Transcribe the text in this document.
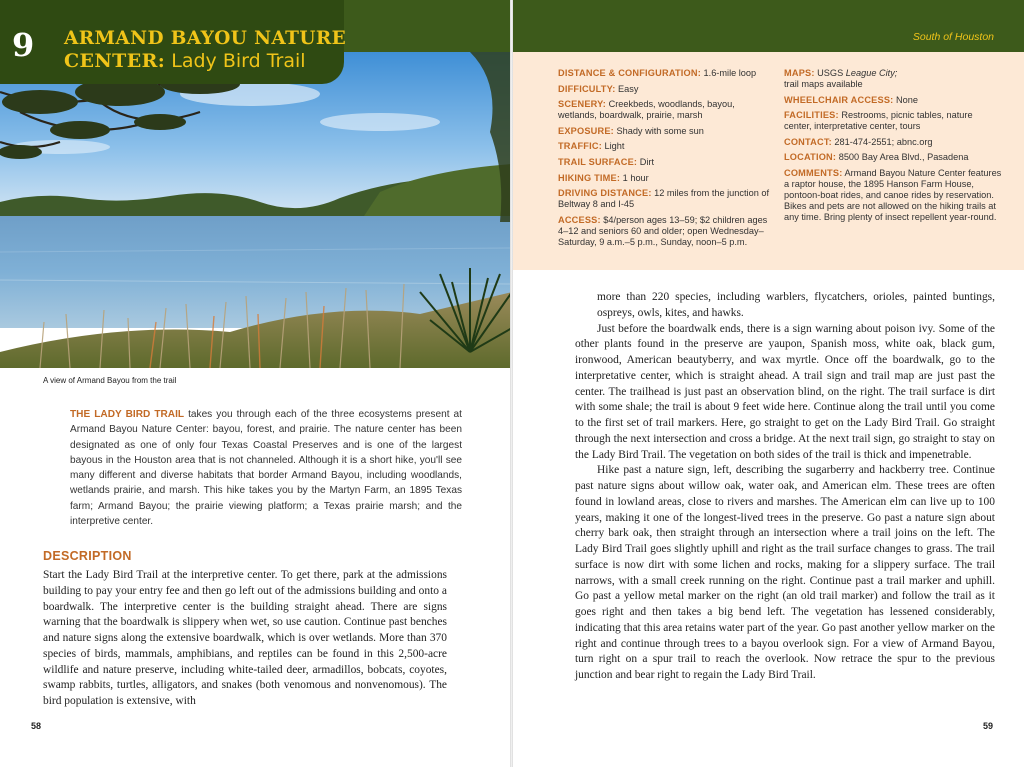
9 ARMAND BAYOU NATURE
CENTER: Lady Bird Trail
A view of Armand Bayou from the trail
THE LADY BIRD TRAIL takes you through each of the three ecosystems present at Armand Bayou Nature Center: bayou, forest, and prairie. The nature center has been designated as one of only four Texas Coastal Preserves and is one of the largest bayous in the Houston area that is not channeled. Although it is a short hike, you'll see many different and diverse habitats that border Armand Bayou, including woodlands, wetlands prairie, and marsh. This hike takes you by the Martyn Farm, an 1895 Texas farm; Armand Bayou; the prairie viewing platform; a Texas prairie marsh; and the interpretive center.
DESCRIPTION

Start the Lady Bird Trail at the interpretive center. To get there, park at the admissions building to pay your entry fee and then go left out of the admissions building and onto a boardwalk. The interpretive center is the building straight ahead. There are signs warning that the boardwalk is slippery when wet, so use caution. Continue past benches and nature signs along the extensive boardwalk, which is over wetlands. More than 370 species of birds, mammals, amphibians, and reptiles can be found in this 2,500-acre wildlife and nature preserve, including white-tailed deer, armadillos, bobcats, coyotes, swamp rabbits, turtles, alligators, and snakes (both venomous and nonvenomous). The bird population is extensive, with

58
South of Houston
DISTANCE & CONFIGURATION: 1.6-mile loop
DIFFICULTY: Easy
SCENERY: Creekbeds, woodlands, bayou, wetlands, boardwalk, prairie, marsh
EXPOSURE: Shady with some sun
TRAFFIC: Light
TRAIL SURFACE: Dirt
HIKING TIME: 1 hour
DRIVING DISTANCE: 12 miles from the junction of Beltway 8 and I-45
ACCESS: $4/person ages 13–59; $2 children ages 4–12 and seniors 60 and older; open Wednesday–Saturday, 9 a.m.–5 p.m., Sunday, noon–5 p.m.
MAPS: USGS League City;
trail maps available
WHEELCHAIR ACCESS: None
FACILITIES: Restrooms, picnic tables, nature center, interpretative center, tours
CONTACT: 281-474-2551; abnc.org
LOCATION: 8500 Bay Area Blvd., Pasadena
COMMENTS: Armand Bayou Nature Center features a raptor house, the 1895 Hanson Farm House, pontoon-boat rides, and canoe rides by reservation. Bikes and pets are not allowed on the hiking trails at any time. Bring plenty of insect repellent year-round.

more than 220 species, including warblers, flycatchers, orioles, painted buntings, ospreys, owls, kites, and hawks.

Just before the boardwalk ends, there is a sign warning about poison ivy. Some of the other plants found in the preserve are yaupon, Spanish moss, white oak, black gum, ironwood, American beautyberry, and wax myrtle. Once off the boardwalk, go to the interpretative center, which is straight ahead. A trail sign and trail map are just past the center. The trailhead is just past an observation blind, on the right. The trail surface is dirt with some shale; the trail is about 9 feet wide here. Continue along the trail until you come to the first set of trail markers. Here, go straight to get on the Lady Bird Trail. Go straight through the next intersection and cross a bridge. At the next trail sign, go straight to stay on the Lady Bird Trail. The vegetation on both sides of the trail is thick and impenetrable.

Hike past a nature sign, left, describing the sugarberry and hackberry tree. Continue past nature signs about willow oak, water oak, and American elm. These trees are often found in lowland areas, close to rivers and marshes. The American elm can live up to 100 years, making it one of the longest-lived trees in the preserve. Go past a nature sign about cherry bark oak, then straight through an intersection where a trail joins on the left. The Lady Bird Trail goes slightly uphill and right as the trail surface changes to grass. The trail surface is now dirt with some lichen and rocks, making for a slippery surface. The trail narrows, with a small creek running on the right. Continue past a trail marker and uphill. Go past a yellow metal marker on the right (an old trail marker) and follow the trail as it goes right and then takes a big bend left. The vegetation has lessened considerably, indicating that this area retains water part of the year. Go past another yellow marker on the right and continue through trees to a bayou overlook sign. For a view of Armand Bayou, turn right on a spur trail to reach the overlook. Now retrace the spur to the previous junction and bear right to regain the Lady Bird Trail.

59
